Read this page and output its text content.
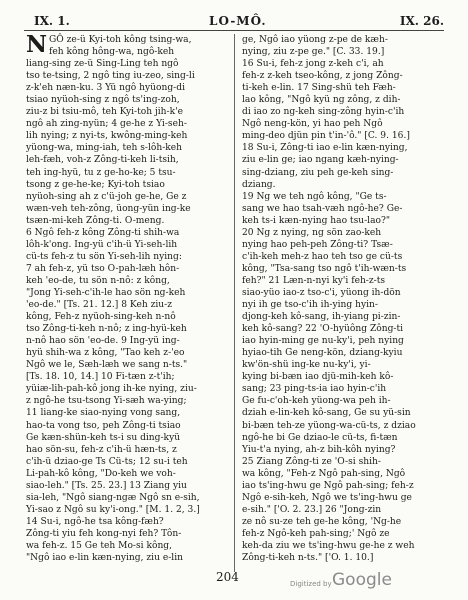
IX. 1.	LO-MÔ.	IX. 26.

NGÔ ze-ü Kyi-toh kông tsing-wa,

feh kông hông-wa, ngô-keh

liang-sing ze-ü Sing-Ling teh ngô

tso te-tsing, 2 ngô ting iu-zeo, sing-li

z-k'eh næn-ku. 3 Yü ngô hyüong-di

tsiao nyüoh-sing z ngô ts'ing-zoh,

ziu-z bi tsiu-mô, teh Kyi-toh jih-k'e

ngô ah zing-nyün; 4 ge-he z Yi-seh-

lih nying; z nyi-ts, kwông-ming-keh

yüong-wa, ming-iah, teh s-lôh-keh

leh-fæh, voh-z Zông-ti-keh li-tsih,

teh ing-hyü, tu z ge-ho-ke; 5 tsu-

tsong z ge-he-ke; Kyi-toh tsiao

nyüoh-sing ah z c'ü-joh ge-he, Ge z

wæn-veh teh-zông, üong-yün ing-ke

tsæn-mi-keh Zông-ti. O-meng.

6 Ngô feh-z kông Zông-ti shih-wa

lôh-k'ong. Ing-yü c'ih-ü Yi-seh-lih

cü-ts feh-z tu sön Yi-seh-lih nying:

7 ah feh-z, yü tso O-pah-læh hôn-

keh 'eo-de, tu sön n-nô: z kông,

"Jong Yi-seh-c'ih-le hao sön ng-keh

'eo-de." [Ts. 21. 12.] 8 Keh ziu-z

kông, Feh-z nyüoh-sing-keh n-nô

tso Zông-ti-keh n-nô; z ing-hyü-keh

n-nô hao sön 'eo-de. 9 Ing-yü ing-

hyü shih-wa z kông, "Tao keh z-'eo

Ngô we le, Sæh-læh we sang n-ts."

[Ts. 18. 10, 14.] 10 Fi-tæn z-t'ih;

yüiæ-lih-pah-kô jong ih-ke nying, ziu-

z ngô-he tsu-tsong Yi-sæh wa-ying;

11 liang-ke siao-nying vong sang,

hao-ta vong tso, peh Zông-ti tsiao

Ge kæn-shün-keh ts-i su ding-kyü

hao sön-su, feh-z c'ih-ü hæn-ts, z

c'ih-ü dziao-ge Ts Cü-ts; 12 su-i teh

Li-pah-kô kông, "Do-keh we voh-

siao-leh." [Ts. 25. 23.] 13 Ziang yiu

sia-leh, "Ngô siang-ngæ Ngô sn e-sih,

Yi-sao z Ngô su ky'i-ong." [M. 1. 2, 3.]

14 Su-i, ngô-he tsa kông-fæh?

Zông-ti yiu feh kong-nyi feh? Tôn-

wa feh-z. 15 Ge teh Mo-si kông,

"Ngô iao e-lin kæn-nying, ziu e-lin

ge, Ngô iao yüong z-pe de kæh-

nying, ziu z-pe ge." [C. 33. 19.]

16 Su-i, feh-z jong z-keh c'i, ah

feh-z z-keh tseo-kông, z jong Zông-

ti-keh e-lin. 17 Sing-shü teh Fæh-

lao kông, "Ngô kyü ng zông, z dih-

di iao zo ng-keh sing-zông hyin-c'ih

Ngô neng-kön, yi hao peh Ngô

ming-deo djün pin t'in-'ô." [C. 9. 16.]

18 Su-i, Zông-ti iao e-lin kæn-nying,

ziu e-lin ge; iao ngang kæh-nying-

sing-dziang, ziu peh ge-keh sing-

dziang.

19 Ng we teh ngô kông, "Ge ts-

sang we hao tsah-væh ngô-he? Ge-

keh ts-i kæn-nying hao tsu-lao?"

20 Ng z nying, ng sön zao-keh

nying hao peh-peh Zông-ti? Tsæ-

c'ih-keh meh-z hao teh tso ge cü-ts

kông, "Tsa-sang tso ngô t'ih-wæn-ts

feh?" 21 Læn-n-nyi ky'i feh-z-ts

siao-yüo iao-z tso-c'i, yüong ih-dön

nyi ih ge tso-c'ih ih-ying hyin-

djong-keh kô-sang, ih-yiang pi-zin-

keh kô-sang? 22 'O-hyüông Zông-ti

iao hyin-ming ge nu-ky'i, peh nying

hyiao-tih Ge neng-kön, dziang-kyiu

kw'ön-shü ing-ke nu-ky'i, yi-

kying bi-bæn iao djü-mih-keh kô-

sang; 23 ping-ts-ia iao hyin-c'ih

Ge fu-c'oh-keh yüong-wa peh ih-

dziah e-lin-keh kô-sang, Ge su yü-sin

bi-bæn teh-ze yüong-wa-cü-ts, z dziao

ngô-he bi Ge dziao-le cü-ts, fi-tæn

Yiu-t'a nying, ah-z bih-kôh nying?

25 Ziang Zông-ti ze 'O-si shih-

wa kông, "Feh-z Ngô pah-sing, Ngô

iao ts'ing-hwu ge Ngô pah-sing; feh-z

Ngô e-sih-keh, Ngô we ts'ing-hwu ge

e-sih." ['O. 2. 23.] 26 "Jong-zin

ze nô su-ze teh ge-he kông, 'Ng-he

feh-z Ngô-keh pah-sing;' Ngô ze

keh-da ziu we ts'ing-hwu ge-he z weh

Zông-ti-keh n-ts." ['O. 1. 10.]

204	Digitized by Google
